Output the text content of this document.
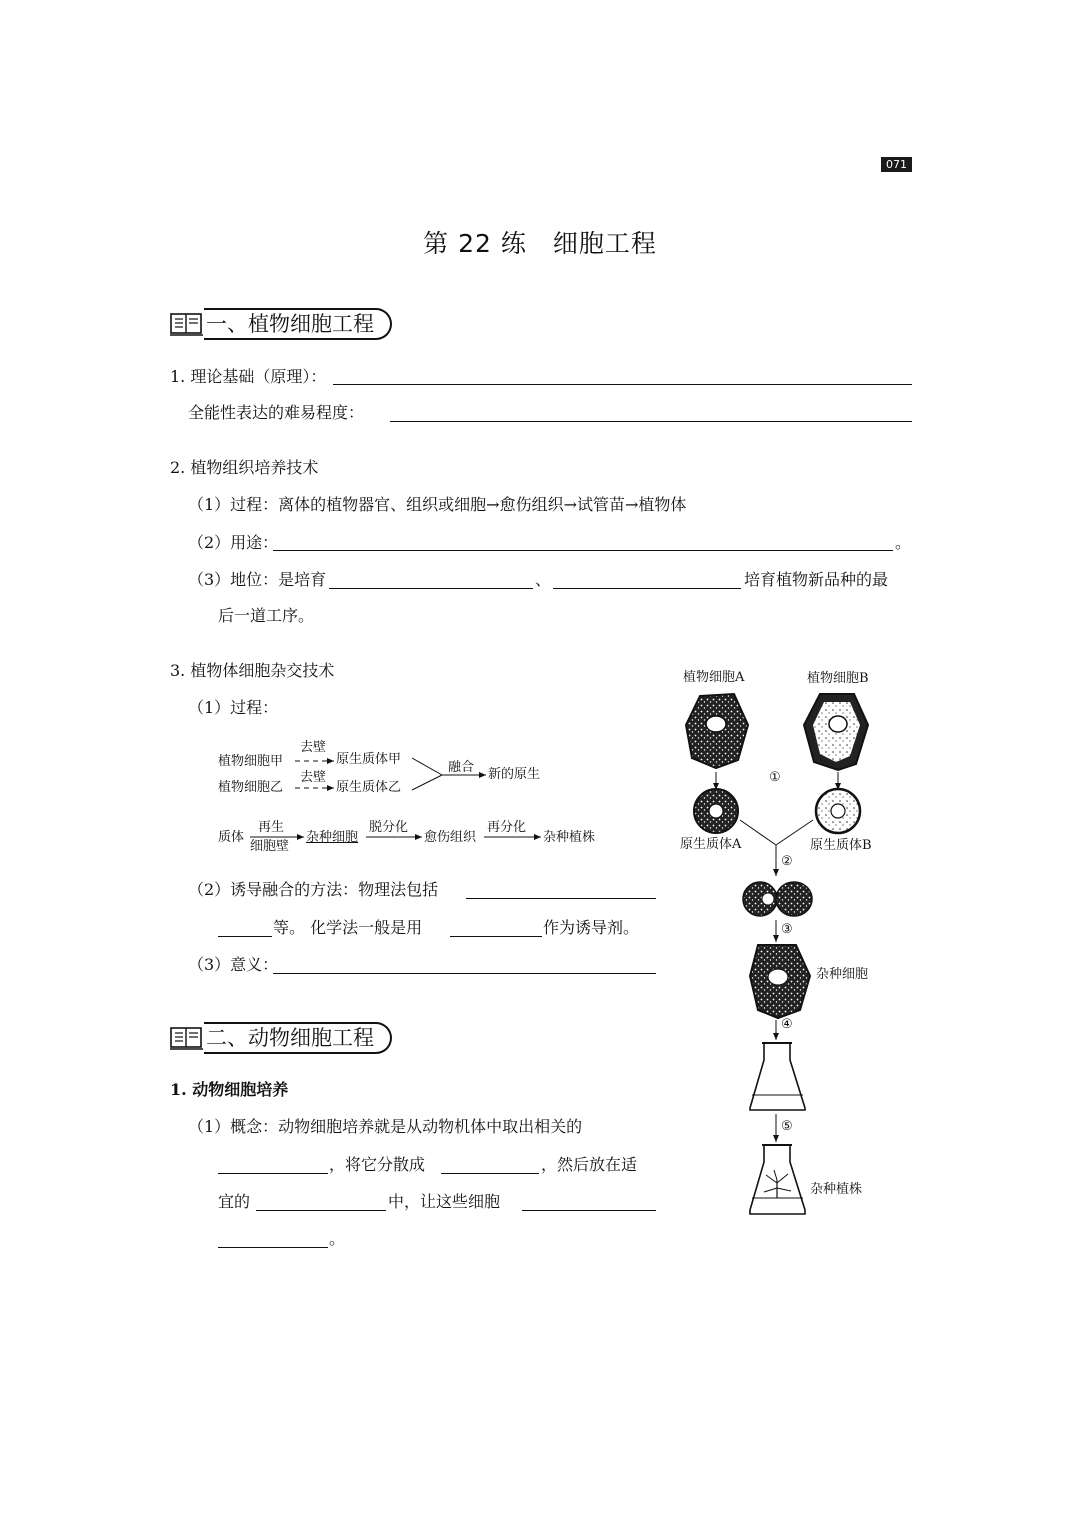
071
第 22 练　细胞工程
一、植物细胞工程
1. 理论基础（原理）：
全能性表达的难易程度：
2. 植物组织培养技术
（1）过程：离体的植物器官、组织或细胞→愈伤组织→试管苗→植物体
（2）用途：	。
（3）地位：是培育	、	培育植物新品种的最
后一道工序。
3. 植物体细胞杂交技术
（1）过程：
植物细胞甲
植物细胞乙
去壁
去壁
原生质体甲
原生质体乙
融合 新的原生
质体
再生
细胞壁
杂种细胞
脱分化
愈伤组织
再分化
杂种植株
（2）诱导融合的方法：物理法包括
等。 化学法一般是用	作为诱导剂。
（3）意义：
二、动物细胞工程
1. 动物细胞培养
（1）概念：动物细胞培养就是从动物机体中取出相关的
，将它分散成	，然后放在适
宜的	中，让这些细胞
。
植物细胞A	植物细胞B
原生质体A	原生质体B
杂种细胞
杂种植株
①
②
③
④
⑤
